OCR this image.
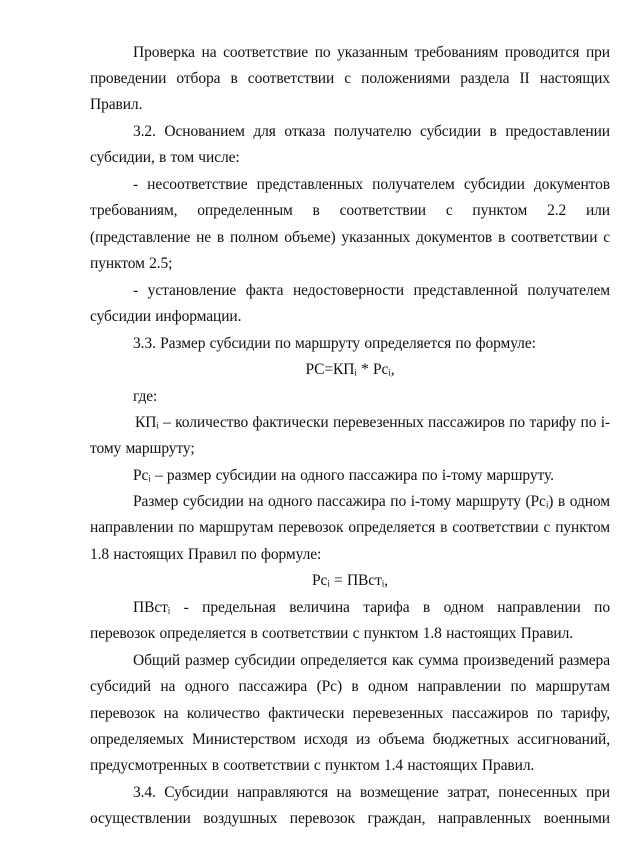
Проверка на соответствие по указанным требованиям проводится при
проведении отбора в соответствии с положениями раздела II настоящих
Правил.
3.2. Основанием для отказа получателю субсидии в предоставлении
субсидии, в том числе:
- несоответствие представленных получателем субсидии документов
требованиям, определенным в соответствии с пунктом 2.2 или
(представление не в полном объеме) указанных документов в соответствии с
пунктом 2.5;
- установление факта недостоверности представленной получателем
субсидии информации.
3.3. Размер субсидии по маршруту определяется по формуле:
РС=КПᵢ * Рсᵢ,
где:
КПᵢ – количество фактически перевезенных пассажиров по тарифу по i-
тому маршруту;
Рсᵢ – размер субсидии на одного пассажира по i-тому маршруту.
Размер субсидии на одного пассажира по i-тому маршруту (Рсᵢ) в одном
направлении по маршрутам перевозок определяется в соответствии с пунктом
1.8 настоящих Правил по формуле:
Рсᵢ = ПВстᵢ,
ПВстᵢ - предельная величина тарифа в одном направлении по
перевозок определяется в соответствии с пунктом 1.8 настоящих Правил.
Общий размер субсидии определяется как сумма произведений размера
субсидий на одного пассажира (Рс) в одном направлении по маршрутам
перевозок на количество фактически перевезенных пассажиров по тарифу,
определяемых Министерством исходя из объема бюджетных ассигнований,
предусмотренных в соответствии с пунктом 1.4 настоящих Правил.
3.4. Субсидии направляются на возмещение затрат, понесенных при
осуществлении воздушных перевозок граждан, направленных военными
